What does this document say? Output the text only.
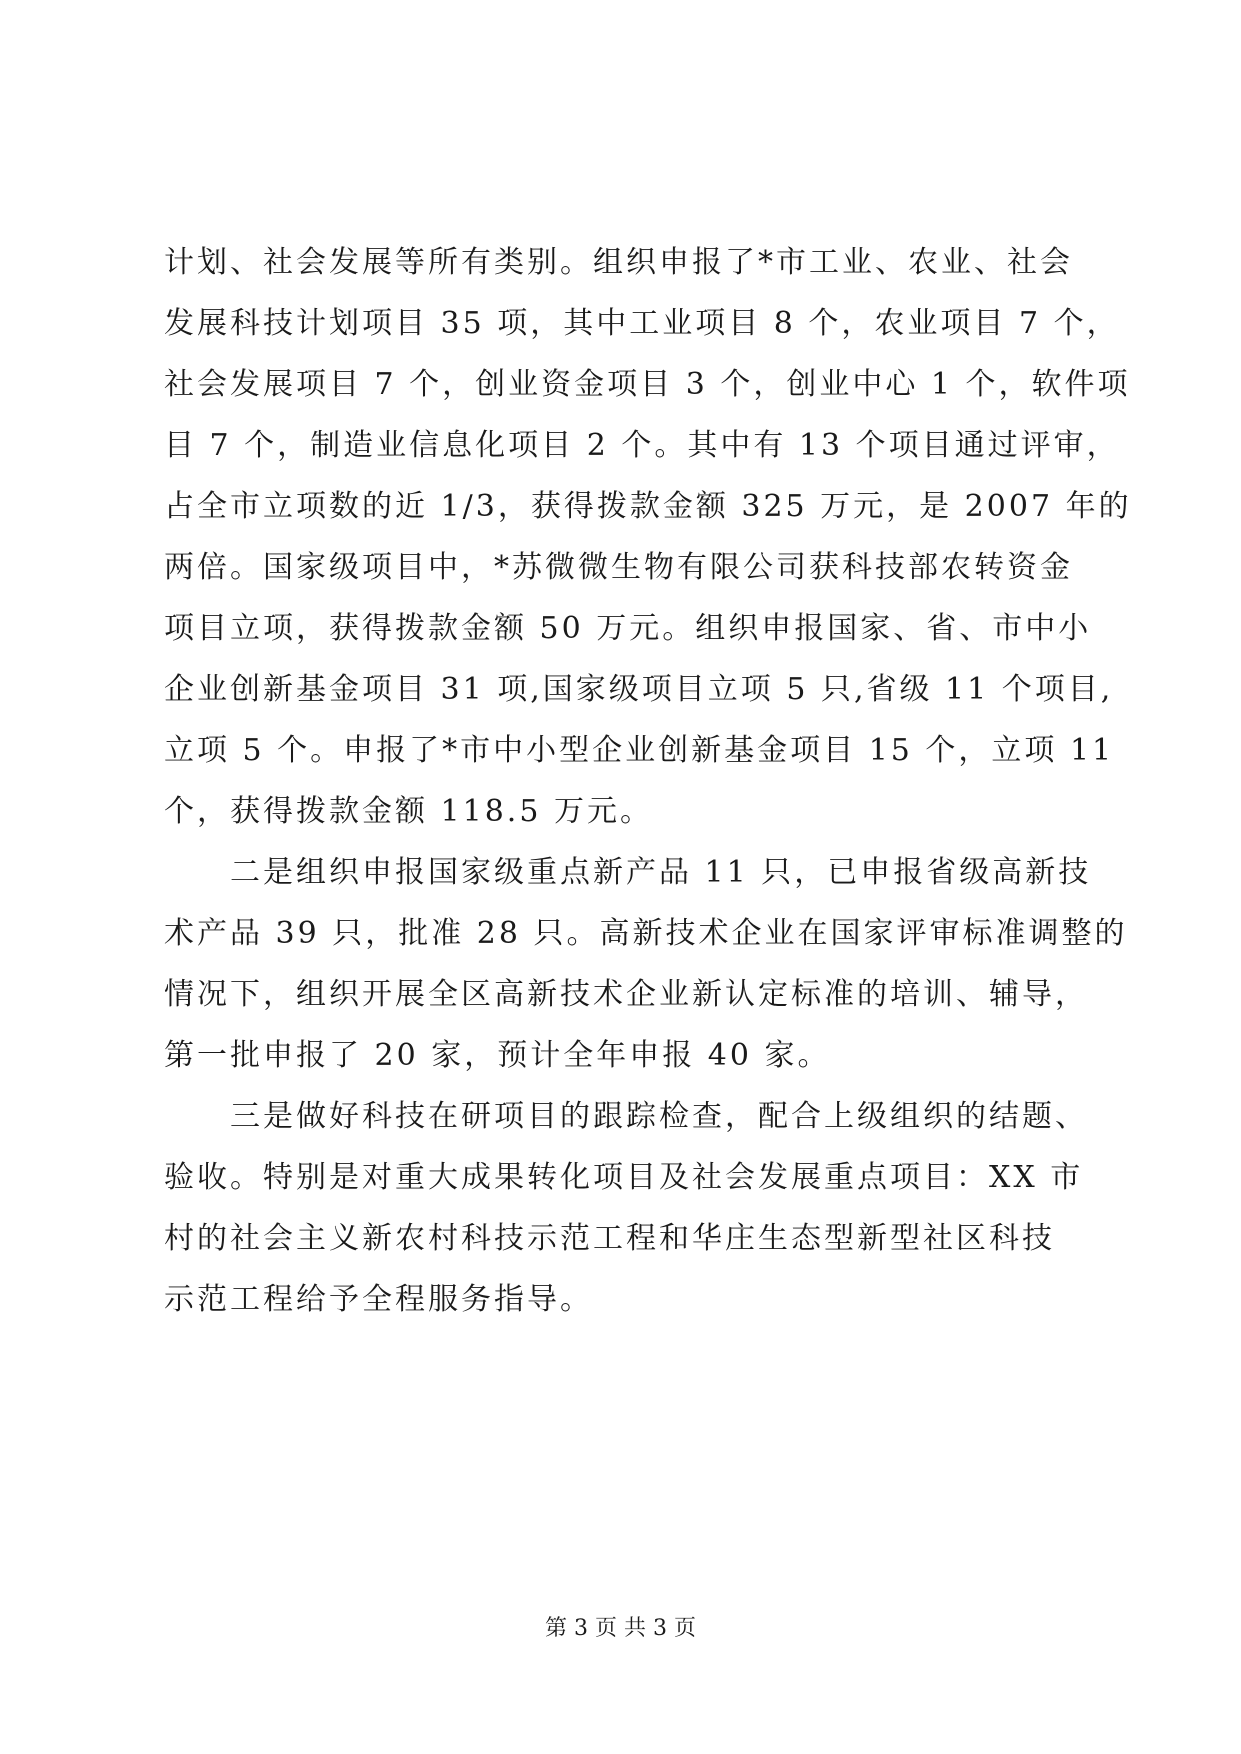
计划、社会发展等所有类别。组织申报了*市工业、农业、社会
发展科技计划项目 35 项，其中工业项目 8 个，农业项目 7 个，
社会发展项目 7 个，创业资金项目 3 个，创业中心 1 个，软件项
目 7 个，制造业信息化项目 2 个。其中有 13 个项目通过评审，
占全市立项数的近 1/3，获得拨款金额 325 万元，是 2007 年的
两倍。国家级项目中，*苏微微生物有限公司获科技部农转资金
项目立项，获得拨款金额 50 万元。组织申报国家、省、市中小
企业创新基金项目 31 项,国家级项目立项 5 只,省级 11 个项目,
立项 5 个。申报了*市中小型企业创新基金项目 15 个，立项 11
个，获得拨款金额 118.5 万元。
二是组织申报国家级重点新产品 11 只，已申报省级高新技
术产品 39 只，批准 28 只。高新技术企业在国家评审标准调整的
情况下，组织开展全区高新技术企业新认定标准的培训、辅导，
第一批申报了 20 家，预计全年申报 40 家。
三是做好科技在研项目的跟踪检查，配合上级组织的结题、
验收。特别是对重大成果转化项目及社会发展重点项目：XX 市
村的社会主义新农村科技示范工程和华庄生态型新型社区科技
示范工程给予全程服务指导。
第 3 页 共 3 页
